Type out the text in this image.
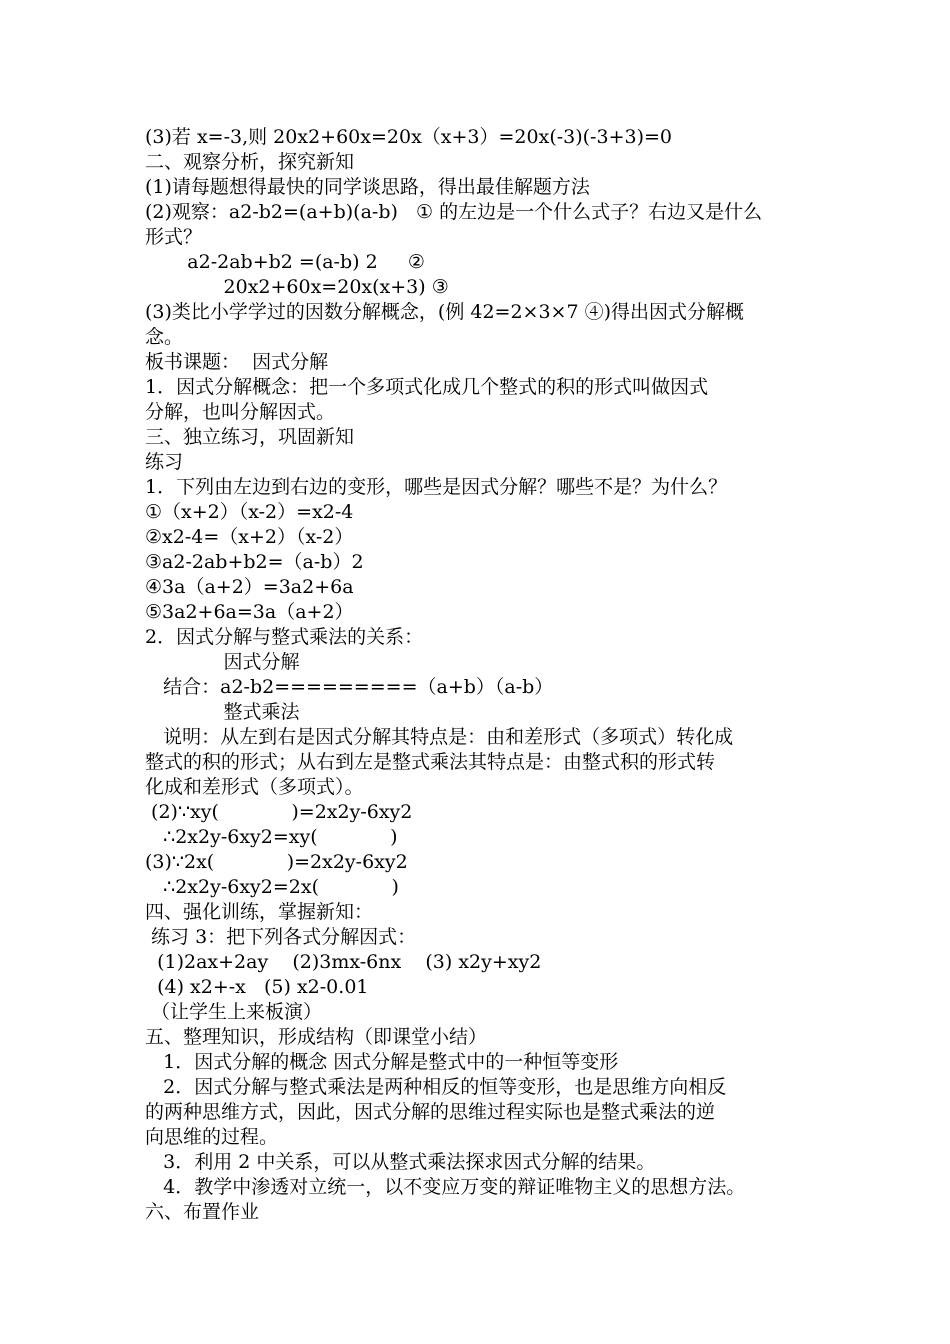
(3)若 x=-3,则 20x2+60x=20x（x+3）=20x(-3)(-3+3)=0
二、观察分析，探究新知
(1)请每题想得最快的同学谈思路，得出最佳解题方法
(2)观察：a2-b2=(a+b)(a-b)   ① 的左边是一个什么式子？右边又是什么
形式？
a2-2ab+b2 =(a-b) 2     ②
20x2+60x=20x(x+3) ③
(3)类比小学学过的因数分解概念，(例 42=2×3×7 ④)得出因式分解概
念。
板书课题：  因式分解
1．因式分解概念：把一个多项式化成几个整式的积的形式叫做因式
分解，也叫分解因式。
三、独立练习，巩固新知
练习
1．下列由左边到右边的变形，哪些是因式分解？哪些不是？为什么？
①（x+2）（x-2）=x2-4
②x2-4=（x+2）（x-2）
③a2-2ab+b2=（a-b）2
④3a（a+2）=3a2+6a
⑤3a2+6a=3a（a+2）
2．因式分解与整式乘法的关系：
因式分解
结合：a2-b2=========（a+b）（a-b）
整式乘法
说明：从左到右是因式分解其特点是：由和差形式（多项式）转化成
整式的积的形式；从右到左是整式乘法其特点是：由整式积的形式转
化成和差形式（多项式）。
(2)∵xy(            )=2x2y-6xy2
∴2x2y-6xy2=xy(            )
(3)∵2x(            )=2x2y-6xy2
∴2x2y-6xy2=2x(            )
四、强化训练，掌握新知：
练习 3：把下列各式分解因式：
(1)2ax+2ay    (2)3mx-6nx    (3) x2y+xy2
(4) x2+-x   (5) x2-0.01
（让学生上来板演）
五、整理知识，形成结构（即课堂小结）
1．因式分解的概念 因式分解是整式中的一种恒等变形
2．因式分解与整式乘法是两种相反的恒等变形，也是思维方向相反
的两种思维方式，因此，因式分解的思维过程实际也是整式乘法的逆
向思维的过程。
3．利用 2 中关系，可以从整式乘法探求因式分解的结果。
4．教学中渗透对立统一，以不变应万变的辩证唯物主义的思想方法。
六、布置作业
